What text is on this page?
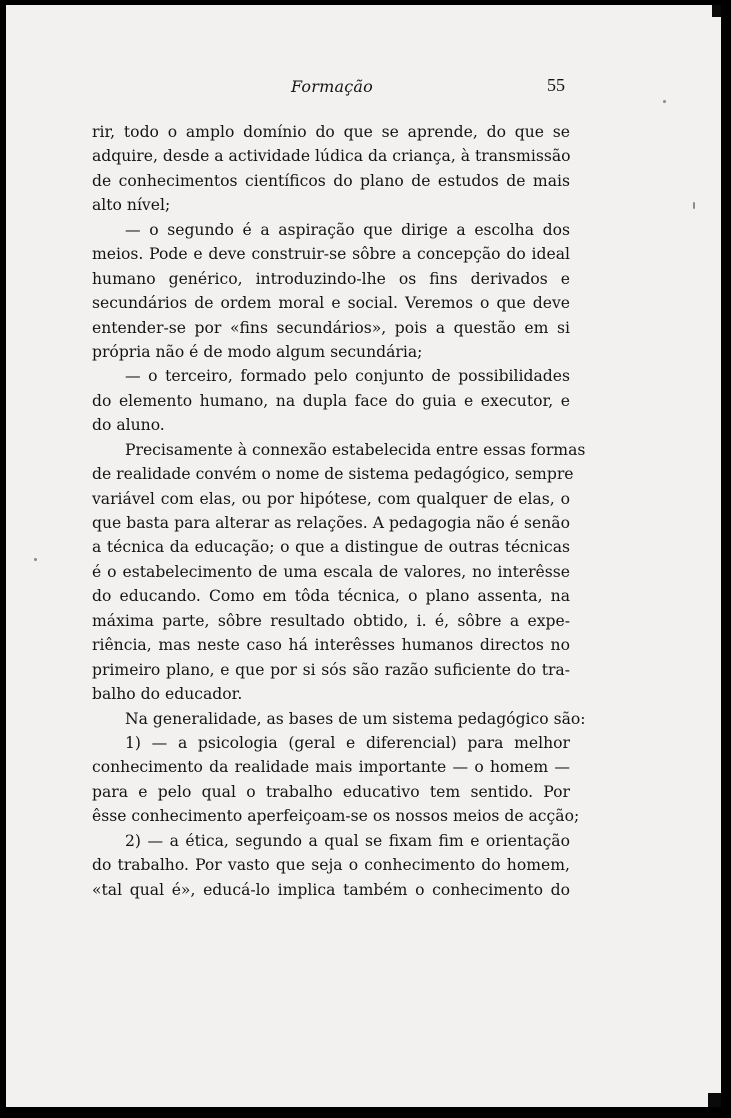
Formação	55
rir, todo o amplo domínio do que se aprende, do que se
adquire, desde a actividade lúdica da criança, à transmissão
de conhecimentos científicos do plano de estudos de mais
alto nível;
— o segundo é a aspiração que dirige a escolha dos
meios. Pode e deve construir-se sôbre a concepção do ideal
humano genérico, introduzindo-lhe os fins derivados e
secundários de ordem moral e social. Veremos o que deve
entender-se por «fins secundários», pois a questão em si
própria não é de modo algum secundária;
— o terceiro, formado pelo conjunto de possibilidades
do elemento humano, na dupla face do guia e executor, e
do aluno.
Precisamente à connexão estabelecida entre essas formas
de realidade convém o nome de sistema pedagógico, sempre
variável com elas, ou por hipótese, com qualquer de elas, o
que basta para alterar as relações. A pedagogia não é senão
a técnica da educação; o que a distingue de outras técnicas
é o estabelecimento de uma escala de valores, no interêsse
do educando. Como em tôda técnica, o plano assenta, na
máxima parte, sôbre resultado obtido, i. é, sôbre a expe-
riência, mas neste caso há interêsses humanos directos no
primeiro plano, e que por si sós são razão suficiente do tra-
balho do educador.
Na generalidade, as bases de um sistema pedagógico são:
1) — a psicologia (geral e diferencial) para melhor
conhecimento da realidade mais importante — o homem —
para e pelo qual o trabalho educativo tem sentido. Por
êsse conhecimento aperfeiçoam-se os nossos meios de acção;
2) — a ética, segundo a qual se fixam fim e orientação
do trabalho. Por vasto que seja o conhecimento do homem,
«tal qual é», educá-lo implica também o conhecimento do
